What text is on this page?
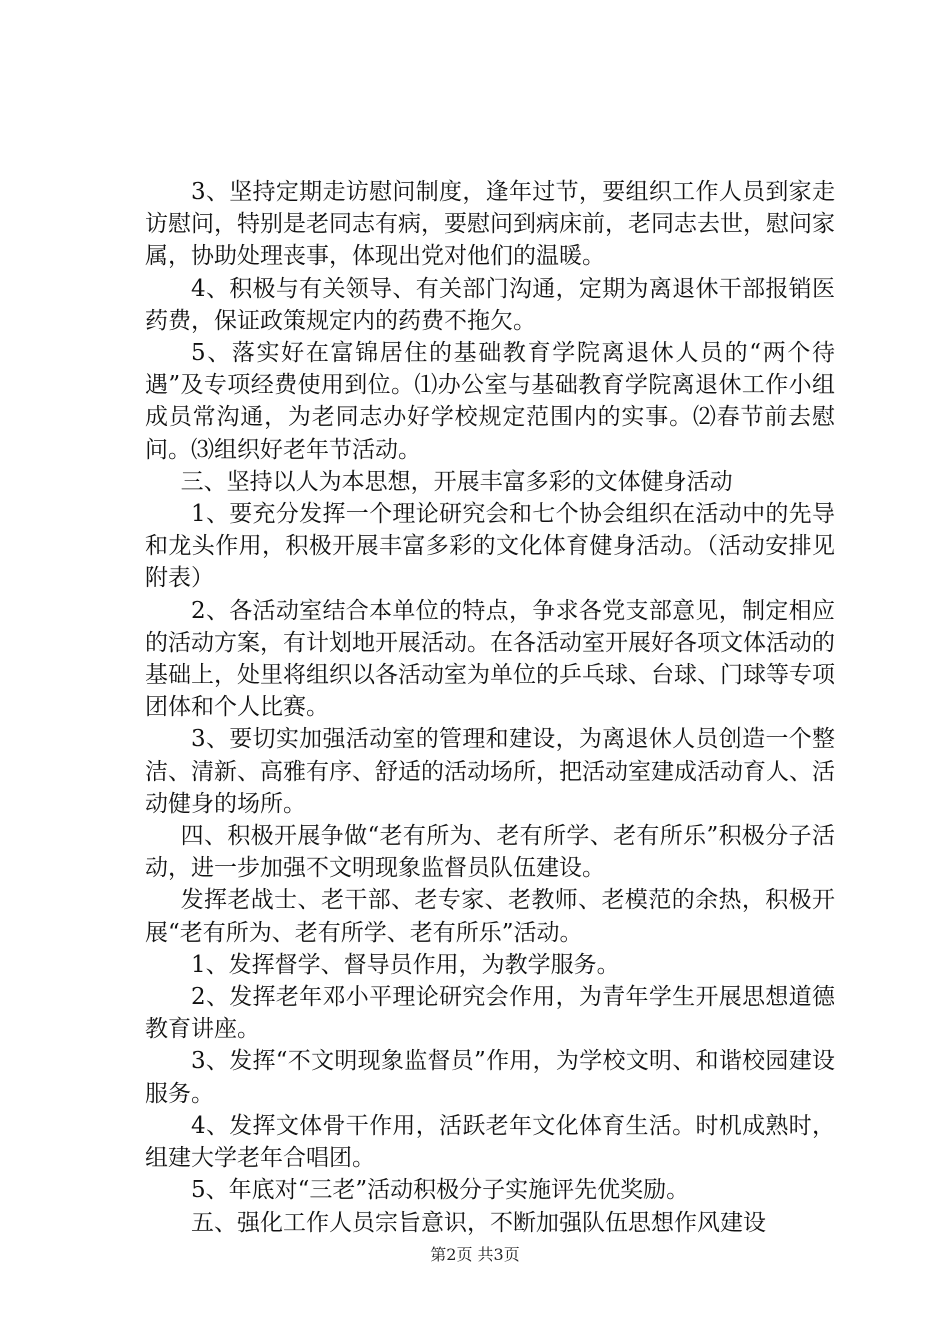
3、坚持定期走访慰问制度，逢年过节，要组织工作人员到家走访慰问，特别是老同志有病，要慰问到病床前，老同志去世，慰问家属，协助处理丧事，体现出党对他们的温暖。

4、积极与有关领导、有关部门沟通，定期为离退休干部报销医药费，保证政策规定内的药费不拖欠。

5、落实好在富锦居住的基础教育学院离退休人员的“两个待遇”及专项经费使用到位。⑴办公室与基础教育学院离退休工作小组成员常沟通，为老同志办好学校规定范围内的实事。⑵春节前去慰问。⑶组织好老年节活动。

三、坚持以人为本思想，开展丰富多彩的文体健身活动

1、要充分发挥一个理论研究会和七个协会组织在活动中的先导和龙头作用，积极开展丰富多彩的文化体育健身活动。（活动安排见附表）

2、各活动室结合本单位的特点，争求各党支部意见，制定相应的活动方案，有计划地开展活动。在各活动室开展好各项文体活动的基础上，处里将组织以各活动室为单位的乒乓球、台球、门球等专项团体和个人比赛。

3、要切实加强活动室的管理和建设，为离退休人员创造一个整洁、清新、高雅有序、舒适的活动场所，把活动室建成活动育人、活动健身的场所。

四、积极开展争做“老有所为、老有所学、老有所乐”积极分子活动，进一步加强不文明现象监督员队伍建设。

发挥老战士、老干部、老专家、老教师、老模范的余热，积极开展“老有所为、老有所学、老有所乐”活动。

1、发挥督学、督导员作用，为教学服务。

2、发挥老年邓小平理论研究会作用，为青年学生开展思想道德教育讲座。

3、发挥“不文明现象监督员”作用，为学校文明、和谐校园建设服务。

4、发挥文体骨干作用，活跃老年文化体育生活。时机成熟时，组建大学老年合唱团。

5、年底对“三老”活动积极分子实施评先优奖励。

五、强化工作人员宗旨意识，不断加强队伍思想作风建设

第2页 共3页
